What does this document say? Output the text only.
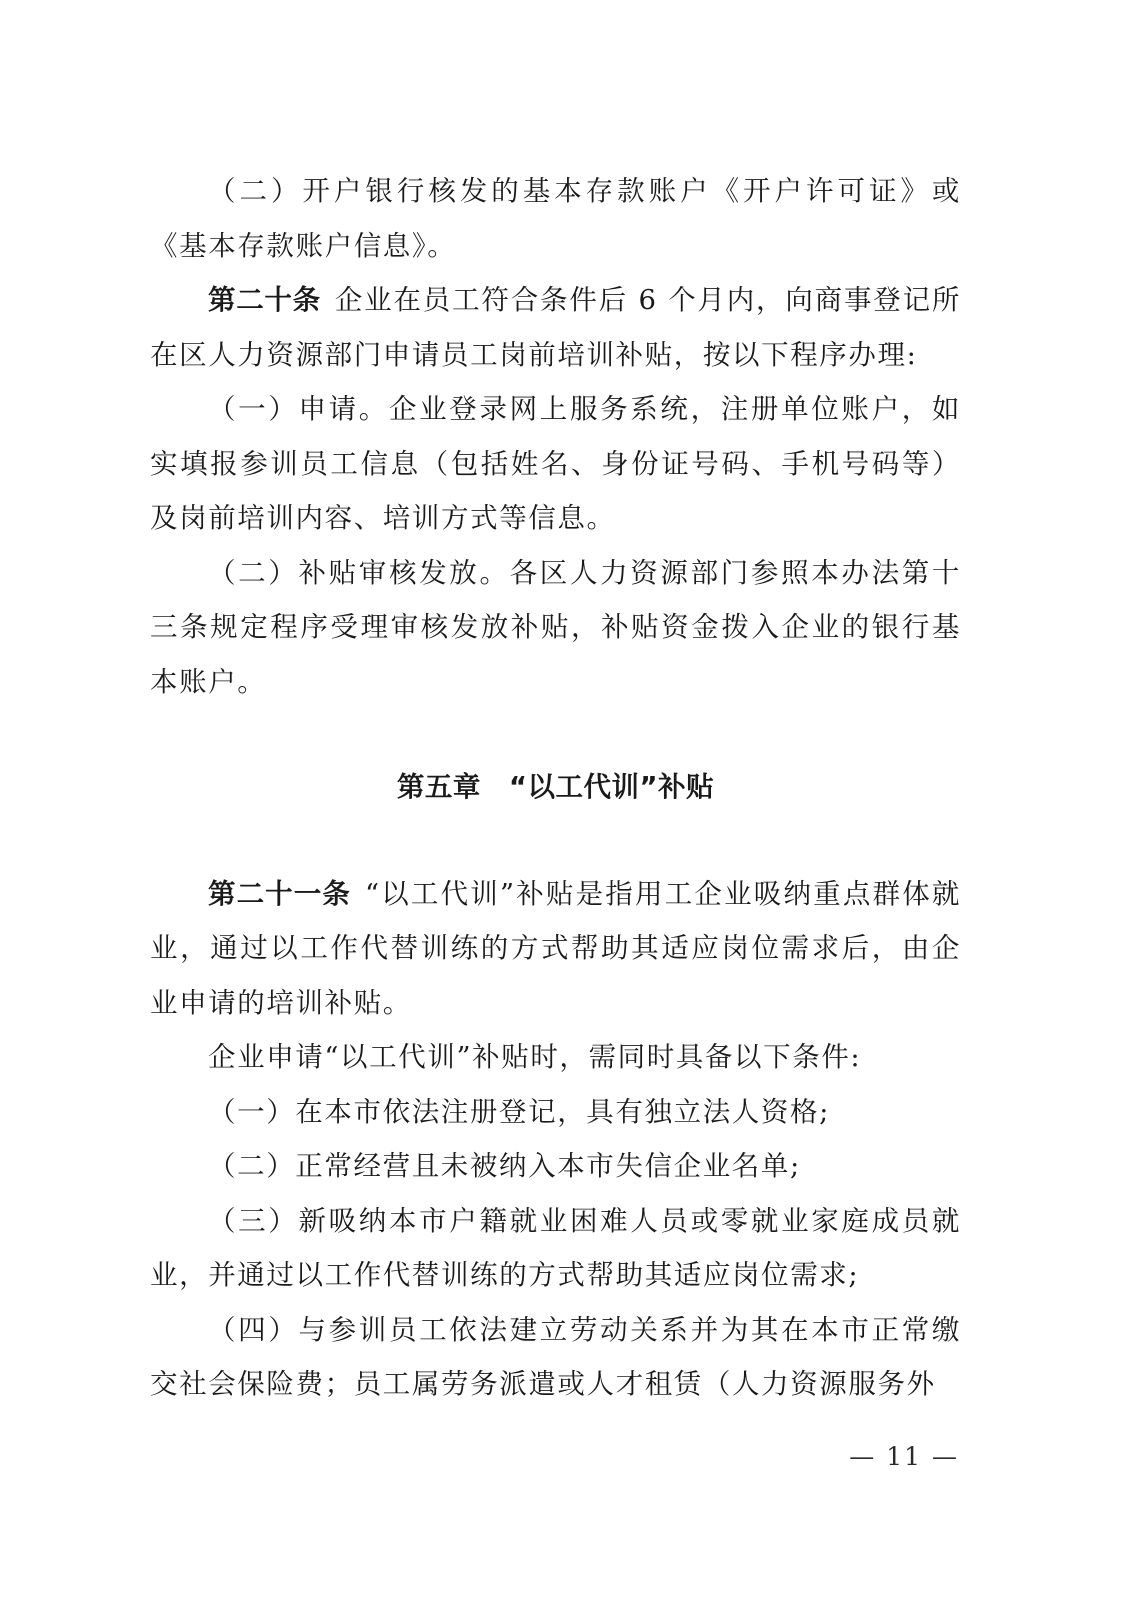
（二）开户银行核发的基本存款账户《开户许可证》或《基本存款账户信息》。

第二十条 企业在员工符合条件后 6 个月内，向商事登记所在区人力资源部门申请员工岗前培训补贴，按以下程序办理:

（一）申请。企业登录网上服务系统，注册单位账户，如实填报参训员工信息（包括姓名、身份证号码、手机号码等）及岗前培训内容、培训方式等信息。

（二）补贴审核发放。各区人力资源部门参照本办法第十三条规定程序受理审核发放补贴，补贴资金拨入企业的银行基本账户。

第五章　“以工代训”补贴

第二十一条 “以工代训”补贴是指用工企业吸纳重点群体就业，通过以工作代替训练的方式帮助其适应岗位需求后，由企业申请的培训补贴。

企业申请“以工代训”补贴时，需同时具备以下条件:

（一）在本市依法注册登记，具有独立法人资格;

（二）正常经营且未被纳入本市失信企业名单;

（三）新吸纳本市户籍就业困难人员或零就业家庭成员就业，并通过以工作代替训练的方式帮助其适应岗位需求;

（四）与参训员工依法建立劳动关系并为其在本市正常缴交社会保险费；员工属劳务派遣或人才租赁（人力资源服务外

— 11 —
